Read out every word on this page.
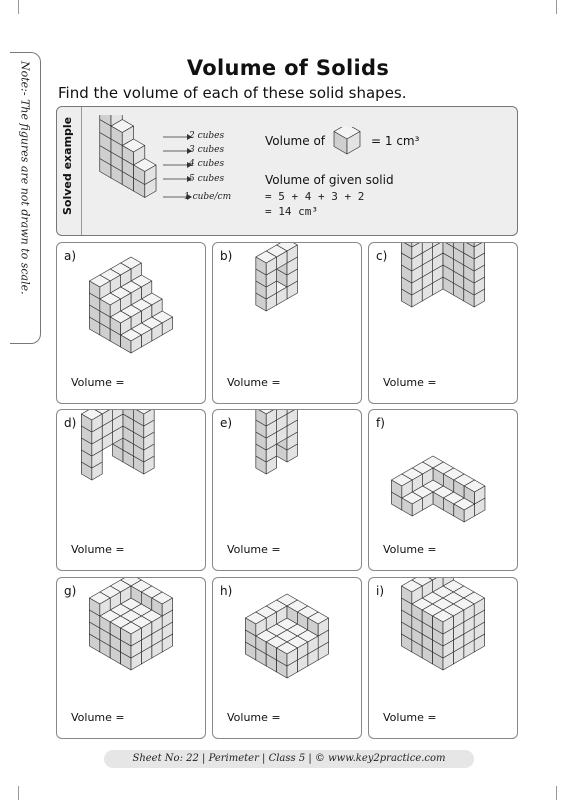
Note:- The figures are not drawn to scale.	Volume of Solids
Find the volume of each of these solid shapes.
Solved example	2 cubes
3 cubes
4 cubes
5 cubes
1 cube/cm
Volume of	= 1 cm³
Volume of given solid
= 5 + 4 + 3 + 2
= 14 cm³
a)
Volume =
b)
Volume =
c)
Volume =
d)
Volume =
e)
Volume =
f)
Volume =
g)
Volume =
h)
Volume =
i)
Volume =
Sheet No: 22 | Perimeter | Class 5 | © www.key2practice.com
